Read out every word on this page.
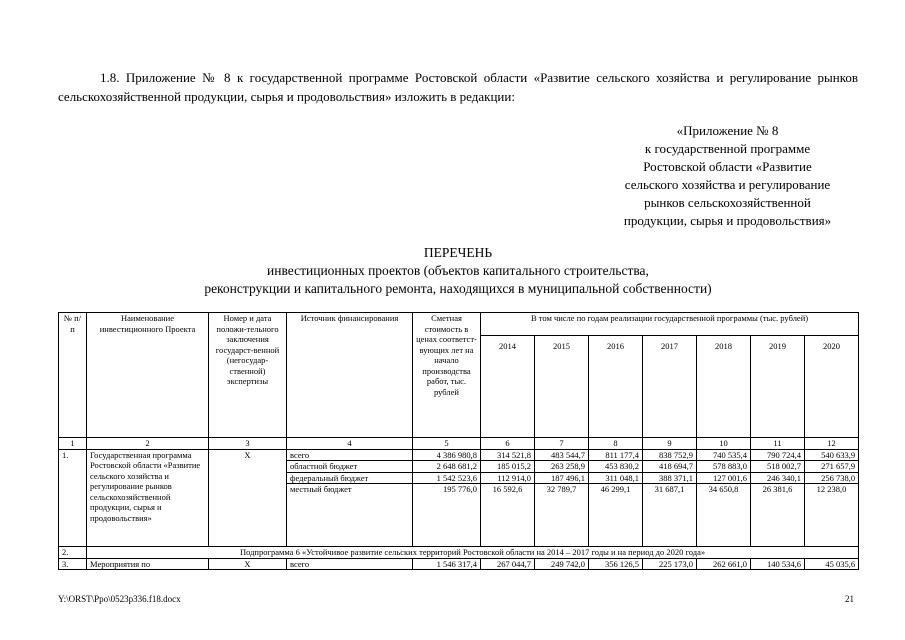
1.8. Приложение № 8 к государственной программе Ростовской области «Развитие сельского хозяйства и регулирование рынков сельскохозяйственной продукции, сырья и продовольствия» изложить в редакции:
«Приложение № 8
к государственной программе
Ростовской области «Развитие
сельского хозяйства и регулирование
рынков сельскохозяйственной
продукции, сырья и продовольствия»
ПЕРЕЧЕНЬ
инвестиционных проектов (объектов капитального строительства,
реконструкции и капитального ремонта, находящихся в муниципальной собственности)
№ п/п	Наименование инвестиционного Проекта	Номер и дата положи-тельного заключения государст-венной (негосудар-ственной) экспертизы	Источник финансирования	Сметная стоимость в ценах соответст-вующих лет на начало производства работ, тыс. рублей	В том числе по годам реализации государственной программы (тыс. рублей)						
					2014	2015	2016	2017	2018	2019	2020
1	2	3	4	5	6	7	8	9	10	11	12
1.	Государственная программа Ростовской области «Развитие сельского хозяйства и регулирование рынков сельскохозяйственной продукции, сырья и продовольствия»	Х	всего	4 386 980,8	314 521,8	483 544,7	811 177,4	838 752,9	740 535,4	790 724,4	540 633,9
			областной бюджет	2 648 681,2	185 015,2	263 258,9	453 830,2	418 694,7	578 883,0	518 002,7	271 657,9
			федеральный бюджет	1 542 523,6	112 914,0	187 496,1	311 048,1	388 371,1	127 001,6	246 340,1	256 738,0
			местный бюджет	195 776,0	16 592,6	32 789,7	46 299,1	31 687,1	34 650,8	26 381,6	12 238,0
2.	Подпрограмма 6 «Устойчивое развитие сельских территорий Ростовской области на 2014 – 2017 годы и на период до 2020 года»										
3.	Мероприятия по	Х	всего	1 546 317,4	267 044,7	249 742,0	356 126,5	225 173,0	262 661,0	140 534,6	45 035,6
Y:\ORST\Ppo\0523p336.f18.docx	21
